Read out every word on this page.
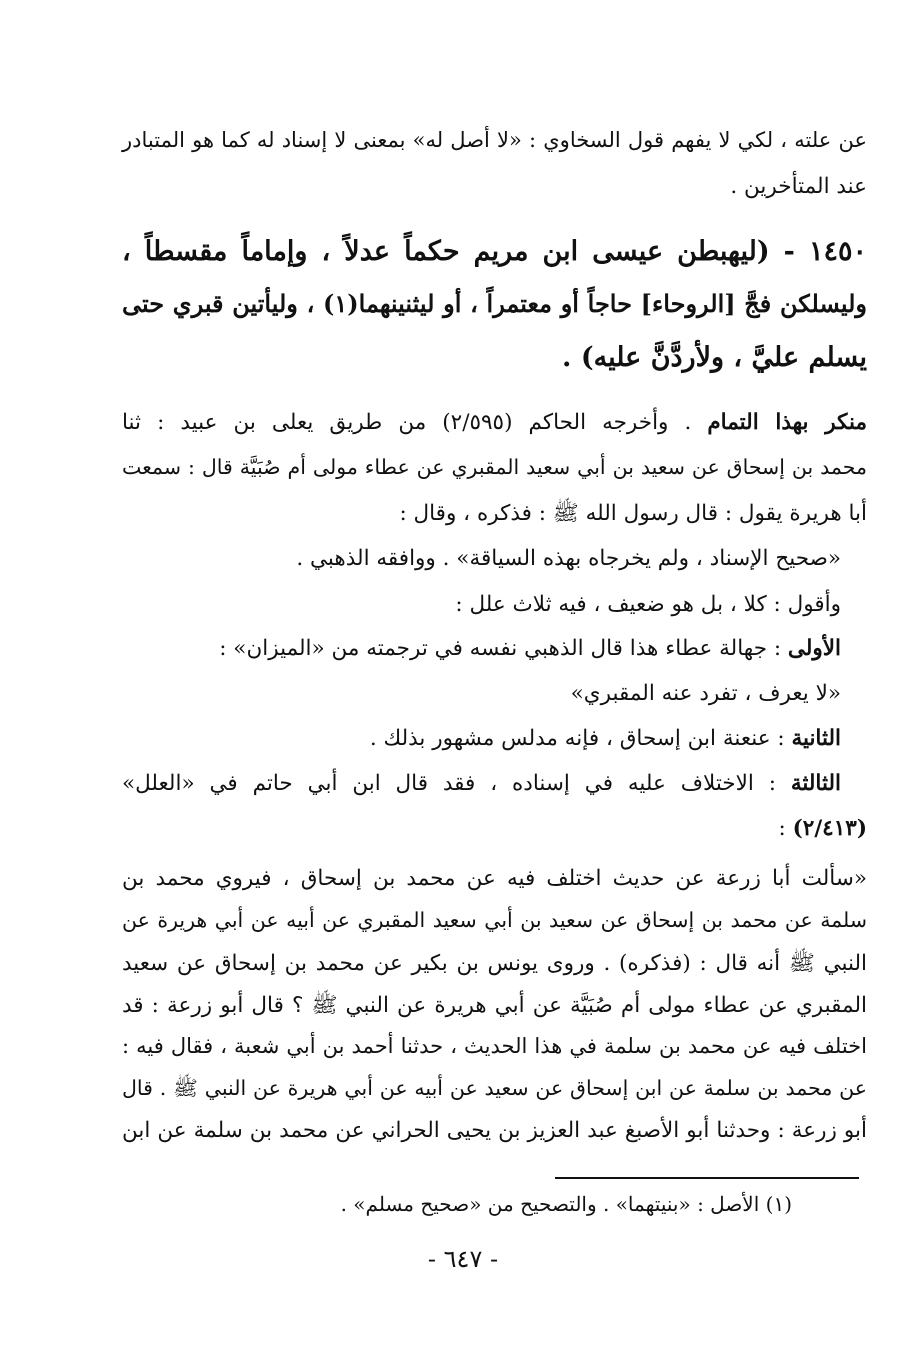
عن علته ، لكي لا يفهم قول السخاوي : «لا أصل له» بمعنى لا إسناد له كما هو المتبادر
عند المتأخرين .
١٤٥٠ - (ليهبطن عيسى ابن مريم حكماً عدلاً ، وإماماً مقسطاً ،
وليسلكن فجَّ [الروحاء] حاجاً أو معتمراً ، أو ليثنينهما(١) ، وليأتين قبري حتى
يسلم عليَّ ، ولأردَّنَّ عليه) .
منكر بهذا التمام . وأخرجه الحاكم (٢/٥٩٥) من طريق يعلى بن عبيد : ثنا
محمد بن إسحاق عن سعيد بن أبي سعيد المقبري عن عطاء مولى أم صُبَيَّة قال : سمعت
أبا هريرة يقول : قال رسول الله ﷺ : فذكره ، وقال :
«صحيح الإسناد ، ولم يخرجاه بهذه السياقة» . ووافقه الذهبي .
وأقول : كلا ، بل هو ضعيف ، فيه ثلاث علل :
الأولى : جهالة عطاء هذا قال الذهبي نفسه في ترجمته من «الميزان» :
«لا يعرف ، تفرد عنه المقبري»
الثانية : عنعنة ابن إسحاق ، فإنه مدلس مشهور بذلك .
الثالثة : الاختلاف عليه في إسناده ، فقد قال ابن أبي حاتم في «العلل»
(٢/٤١٣) :
«سألت أبا زرعة عن حديث اختلف فيه عن محمد بن إسحاق ، فيروي محمد بن
سلمة عن محمد بن إسحاق عن سعيد بن أبي سعيد المقبري عن أبيه عن أبي هريرة عن
النبي ﷺ أنه قال : (فذكره) . وروى يونس بن بكير عن محمد بن إسحاق عن سعيد
المقبري عن عطاء مولى أم صُبَيَّة عن أبي هريرة عن النبي ﷺ ؟ قال أبو زرعة : قد
اختلف فيه عن محمد بن سلمة في هذا الحديث ، حدثنا أحمد بن أبي شعبة ، فقال فيه :
عن محمد بن سلمة عن ابن إسحاق عن سعيد عن أبيه عن أبي هريرة عن النبي ﷺ . قال
أبو زرعة : وحدثنا أبو الأصبغ عبد العزيز بن يحيى الحراني عن محمد بن سلمة عن ابن
(١) الأصل : «بنيتهما» . والتصحيح من «صحيح مسلم» .
- ٦٤٧ -
